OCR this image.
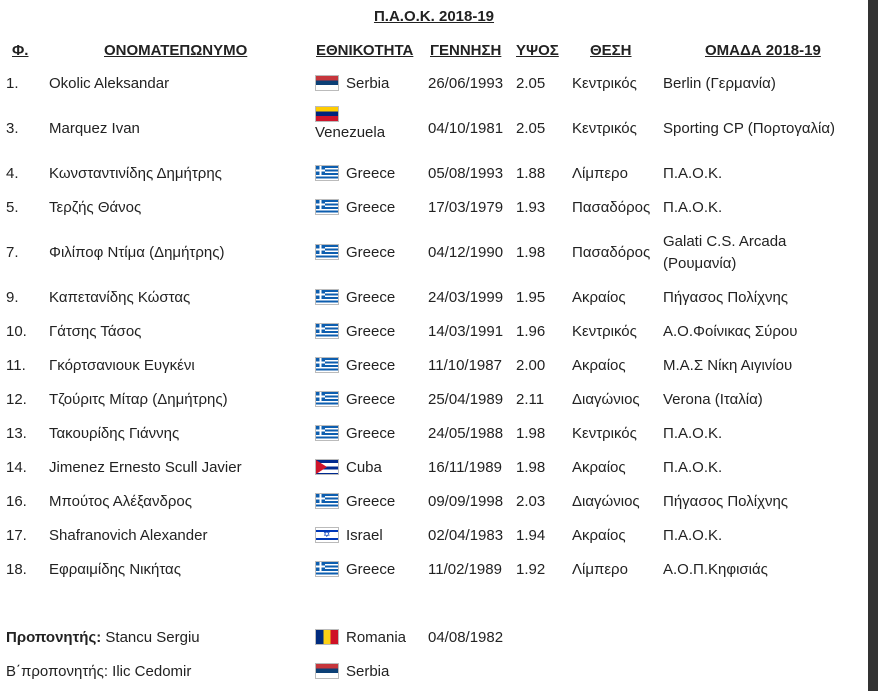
Π.Α.Ο.Κ. 2018-19
Φ.	ΟΝΟΜΑΤΕΠΩΝΥΜΟ	ΕΘΝΙΚΟΤΗΤΑ ΓΕΝΝΗΣΗ ΥΨΟΣ ΘΕΣΗ	ΟΜΑΔΑ 2018-19
1. Okolic Aleksandar	Serbia	26/06/1993 2.05 Κεντρικός Berlin (Γερμανία)
3. Marquez Ivan	Venezuela	04/10/1981 2.05 Κεντρικός Sporting CP (Πορτογαλία)
4. Κωνσταντινίδης Δημήτρης	Greece 05/08/1993 1.88 Λίμπερο Π.Α.Ο.Κ.
5. Τερζής Θάνος	Greece 17/03/1979 1.93 Πασαδόρος Π.Α.Ο.Κ.
7. Φιλίποφ Ντίμα (Δημήτρης)	Greece 04/12/1990 1.98 Πασαδόρος
Galati C.S. Arcada (Ρουμανία)
9. Καπετανίδης Κώστας	Greece 24/03/1999 1.95 Ακραίος Πήγασος Πολίχνης
10. Γάτσης Τάσος	Greece 14/03/1991 1.96 Κεντρικός Α.Ο.Φοίνικας Σύρου
11. Γκόρτσανιουκ Ευγκένι	Greece 11/10/1987 2.00 Ακραίος Μ.Α.Σ Νίκη Αιγινίου
12. Τζούριτς Μίταρ (Δημήτρης)	Greece 25/04/1989 2.11 Διαγώνιος Verona (Ιταλία)
13. Τακουρίδης Γιάννης	Greece 24/05/1988 1.98 Κεντρικός Π.Α.Ο.Κ.
14. Jimenez Ernesto Scull Javier	Cuba	16/11/1989 1.98 Ακραίος Π.Α.Ο.Κ.
16. Μπούτος Αλέξανδρος	Greece 09/09/1998 2.03 Διαγώνιος Πήγασος Πολίχνης
17. Shafranovich Alexander
✡	Israel	02/04/1983 1.94 Ακραίος Π.Α.Ο.Κ.
18. Εφραιμίδης Νικήτας	Greece 11/02/1989 1.92 Λίμπερο Α.Ο.Π.Κηφισιάς
Προπονητής: Stancu Sergiu	Romania 04/08/1982
Β΄προπονητής: Ilic Cedomir	Serbia
